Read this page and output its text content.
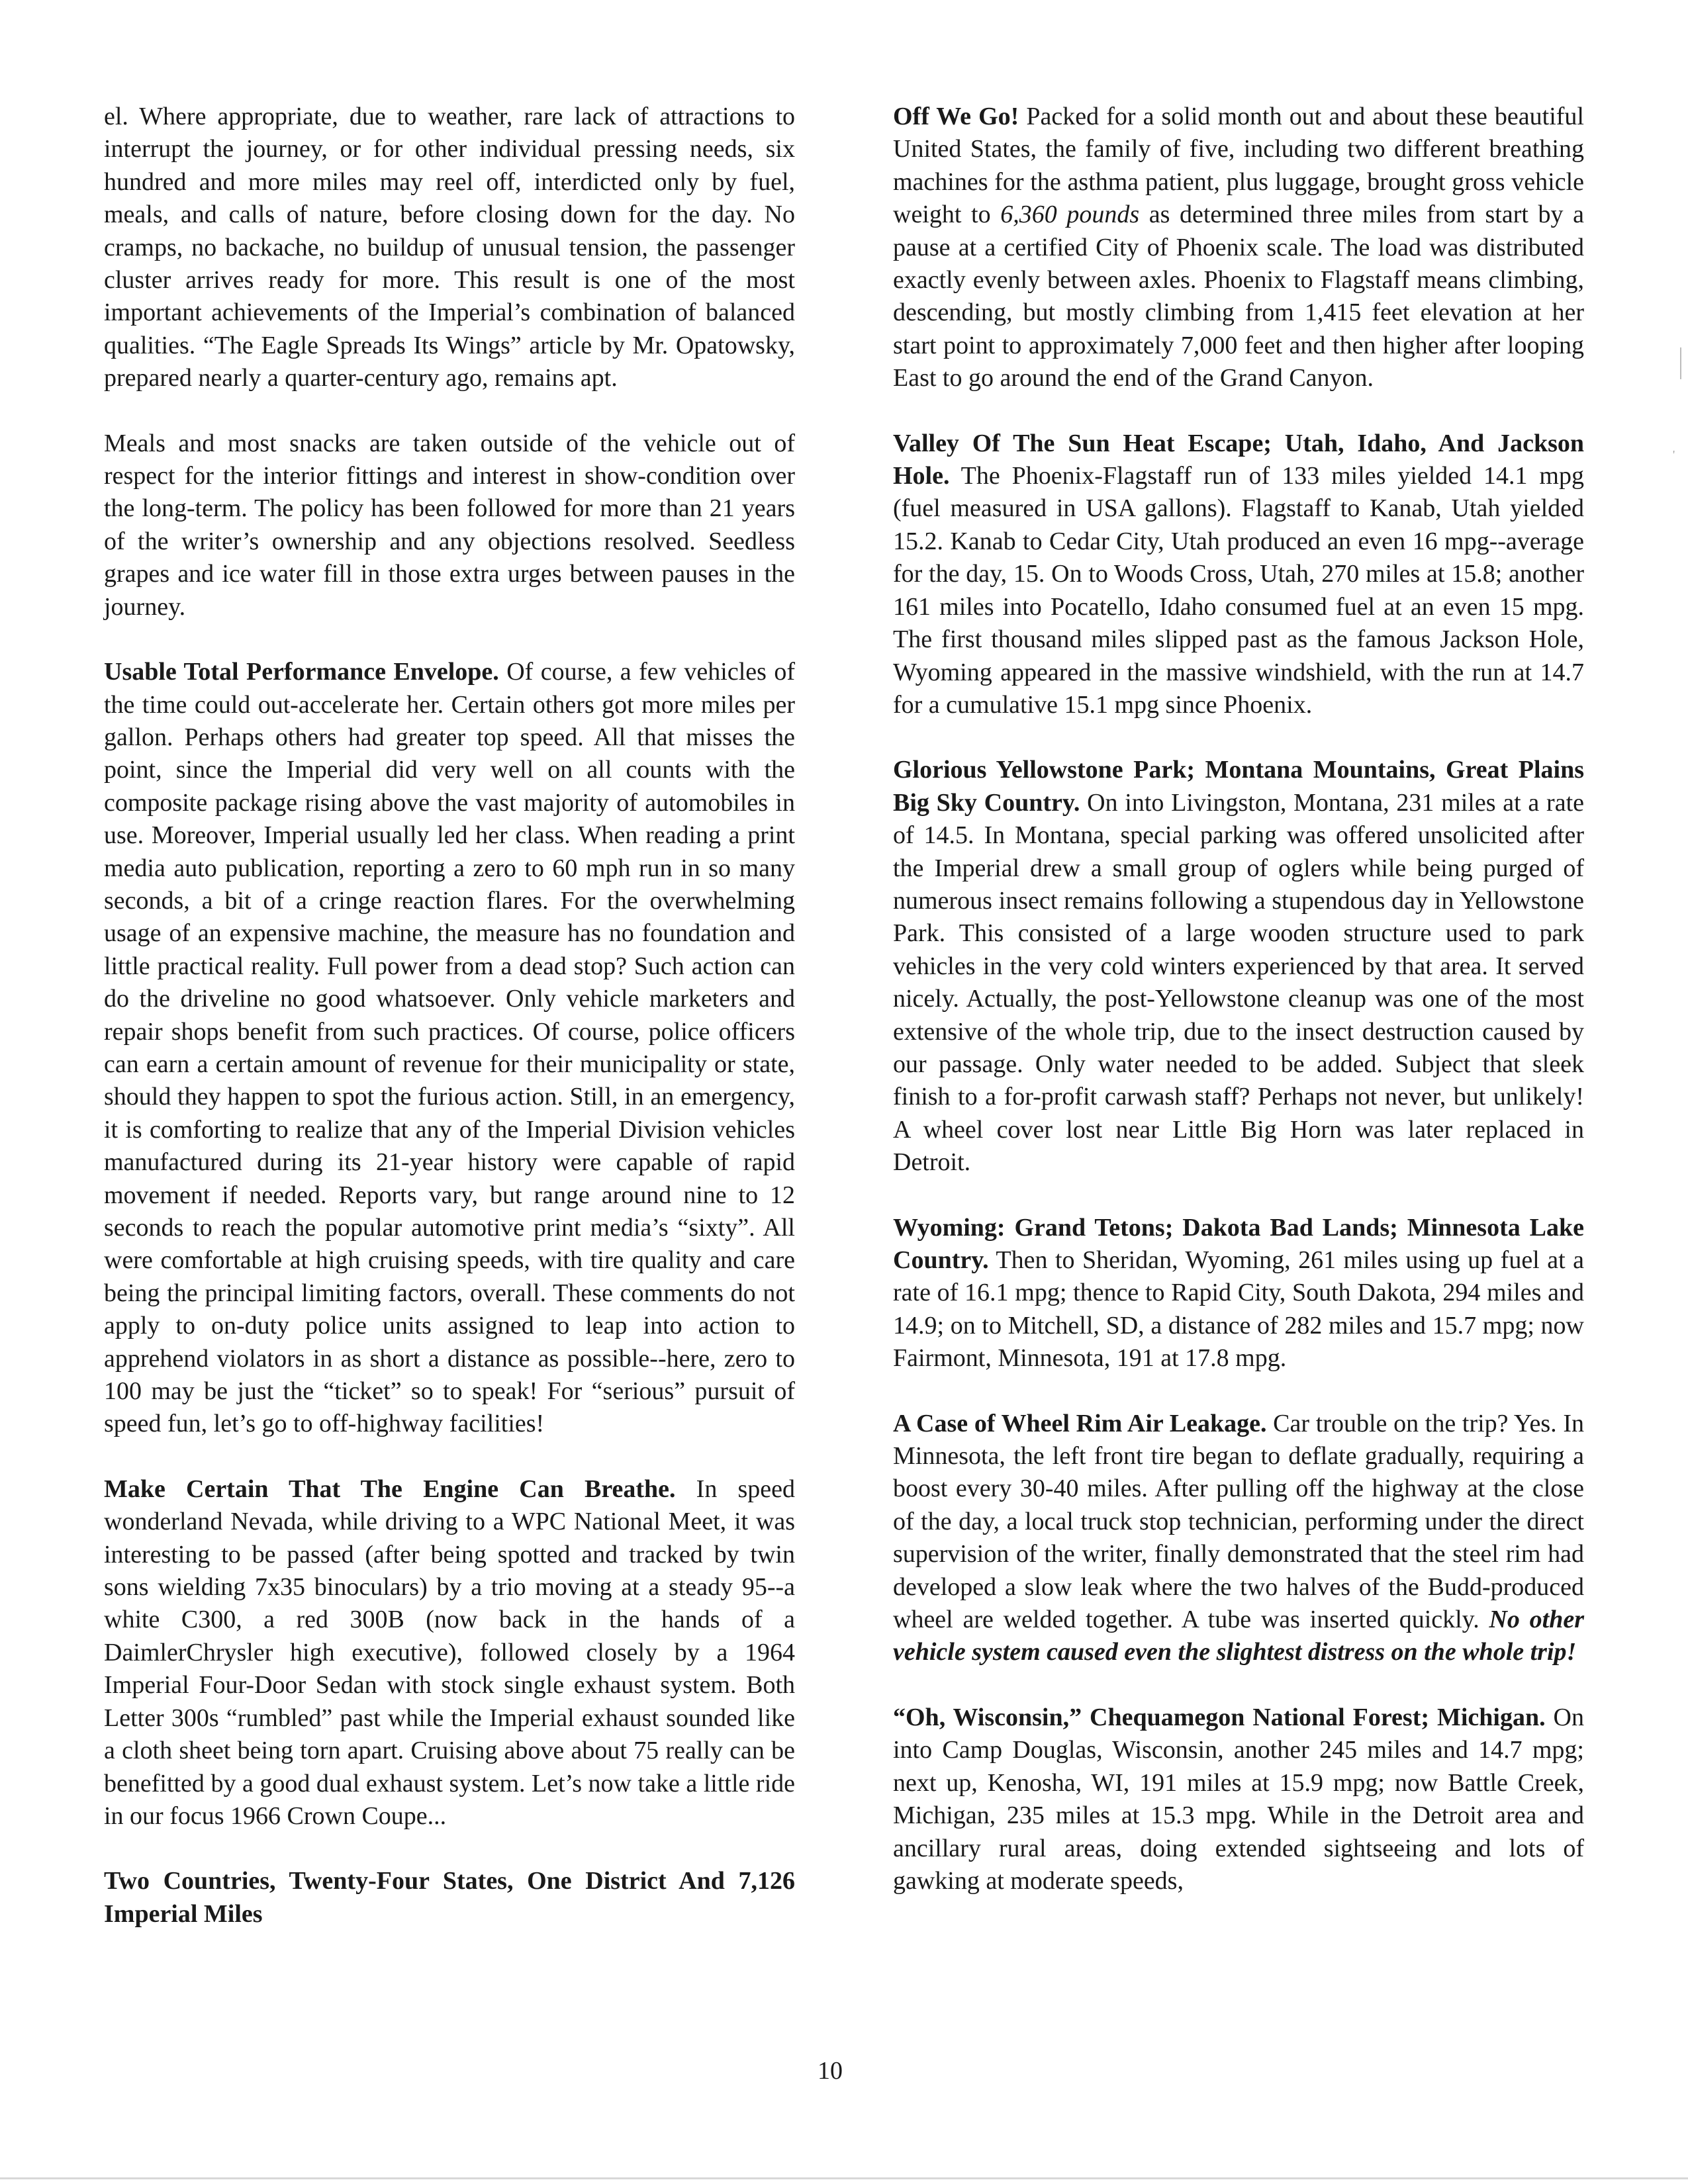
el. Where appropriate, due to weather, rare lack of attractions to interrupt the journey, or for other individual pressing needs, six hundred and more miles may reel off, interdicted only by fuel, meals, and calls of nature, before closing down for the day. No cramps, no backache, no buildup of unusual tension, the passenger cluster arrives ready for more. This result is one of the most important achievements of the Imperial’s combination of balanced qualities. “The Eagle Spreads Its Wings” article by Mr. Opatowsky, prepared nearly a quarter-century ago, remains apt.

Meals and most snacks are taken outside of the vehicle out of respect for the interior fittings and interest in show-condition over the long-term. The policy has been followed for more than 21 years of the writer’s ownership and any objections resolved. Seedless grapes and ice water fill in those extra urges between pauses in the journey.

Usable Total Performance Envelope. Of course, a few vehicles of the time could out-accelerate her. Certain others got more miles per gallon. Perhaps others had greater top speed. All that misses the point, since the Imperial did very well on all counts with the composite package rising above the vast majority of automobiles in use. Moreover, Imperial usually led her class. When reading a print media auto publication, reporting a zero to 60 mph run in so many seconds, a bit of a cringe reaction flares. For the overwhelming usage of an expensive machine, the measure has no foundation and little practical reality. Full power from a dead stop? Such action can do the driveline no good whatsoever. Only vehicle marketers and repair shops benefit from such practices. Of course, police officers can earn a certain amount of revenue for their municipality or state, should they happen to spot the furious action. Still, in an emergency, it is comforting to realize that any of the Imperial Division vehicles manufactured during its 21-year history were capable of rapid movement if needed. Reports vary, but range around nine to 12 seconds to reach the popular automotive print media’s “sixty”. All were comfortable at high cruising speeds, with tire quality and care being the principal limiting factors, overall. These comments do not apply to on-duty police units assigned to leap into action to apprehend violators in as short a distance as possible--here, zero to 100 may be just the “ticket” so to speak! For “serious” pursuit of speed fun, let’s go to off-highway facilities!

Make Certain That The Engine Can Breathe. In speed wonderland Nevada, while driving to a WPC National Meet, it was interesting to be passed (after being spotted and tracked by twin sons wielding 7x35 binoculars) by a trio moving at a steady 95--a white C300, a red 300B (now back in the hands of a DaimlerChrysler high executive), followed closely by a 1964 Imperial Four-Door Sedan with stock single exhaust system. Both Letter 300s “rumbled” past while the Imperial exhaust sounded like a cloth sheet being torn apart. Cruising above about 75 really can be benefitted by a good dual exhaust system. Let’s now take a little ride in our focus 1966 Crown Coupe...

Two Countries, Twenty-Four States, One District And 7,126 Imperial Miles

Off We Go! Packed for a solid month out and about these beautiful United States, the family of five, including two different breathing machines for the asthma patient, plus luggage, brought gross vehicle weight to 6,360 pounds as determined three miles from start by a pause at a certified City of Phoenix scale. The load was distributed exactly evenly between axles. Phoenix to Flagstaff means climbing, descending, but mostly climbing from 1,415 feet elevation at her start point to approximately 7,000 feet and then higher after looping East to go around the end of the Grand Canyon.

Valley Of The Sun Heat Escape; Utah, Idaho, And Jackson Hole. The Phoenix-Flagstaff run of 133 miles yielded 14.1 mpg (fuel measured in USA gallons). Flagstaff to Kanab, Utah yielded 15.2. Kanab to Cedar City, Utah produced an even 16 mpg--average for the day, 15. On to Woods Cross, Utah, 270 miles at 15.8; another 161 miles into Pocatello, Idaho consumed fuel at an even 15 mpg. The first thousand miles slipped past as the famous Jackson Hole, Wyoming appeared in the massive windshield, with the run at 14.7 for a cumulative 15.1 mpg since Phoenix.

Glorious Yellowstone Park; Montana Mountains, Great Plains Big Sky Country. On into Livingston, Montana, 231 miles at a rate of 14.5. In Montana, special parking was offered unsolicited after the Imperial drew a small group of oglers while being purged of numerous insect remains following a stupendous day in Yellowstone Park. This consisted of a large wooden structure used to park vehicles in the very cold winters experienced by that area. It served nicely. Actually, the post-Yellowstone cleanup was one of the most extensive of the whole trip, due to the insect destruction caused by our passage. Only water needed to be added. Subject that sleek finish to a for-profit carwash staff? Perhaps not never, but unlikely! A wheel cover lost near Little Big Horn was later replaced in Detroit.

Wyoming: Grand Tetons; Dakota Bad Lands; Minnesota Lake Country. Then to Sheridan, Wyoming, 261 miles using up fuel at a rate of 16.1 mpg; thence to Rapid City, South Dakota, 294 miles and 14.9; on to Mitchell, SD, a distance of 282 miles and 15.7 mpg; now Fairmont, Minnesota, 191 at 17.8 mpg.

A Case of Wheel Rim Air Leakage. Car trouble on the trip? Yes. In Minnesota, the left front tire began to deflate gradually, requiring a boost every 30-40 miles. After pulling off the highway at the close of the day, a local truck stop technician, performing under the direct supervision of the writer, finally demonstrated that the steel rim had developed a slow leak where the two halves of the Budd-produced wheel are welded together. A tube was inserted quickly. No other vehicle system caused even the slightest distress on the whole trip!

“Oh, Wisconsin,” Chequamegon National Forest; Michigan. On into Camp Douglas, Wisconsin, another 245 miles and 14.7 mpg; next up, Kenosha, WI, 191 miles at 15.9 mpg; now Battle Creek, Michigan, 235 miles at 15.3 mpg. While in the Detroit area and ancillary rural areas, doing extended sightseeing and lots of gawking at moderate speeds,

10
'
